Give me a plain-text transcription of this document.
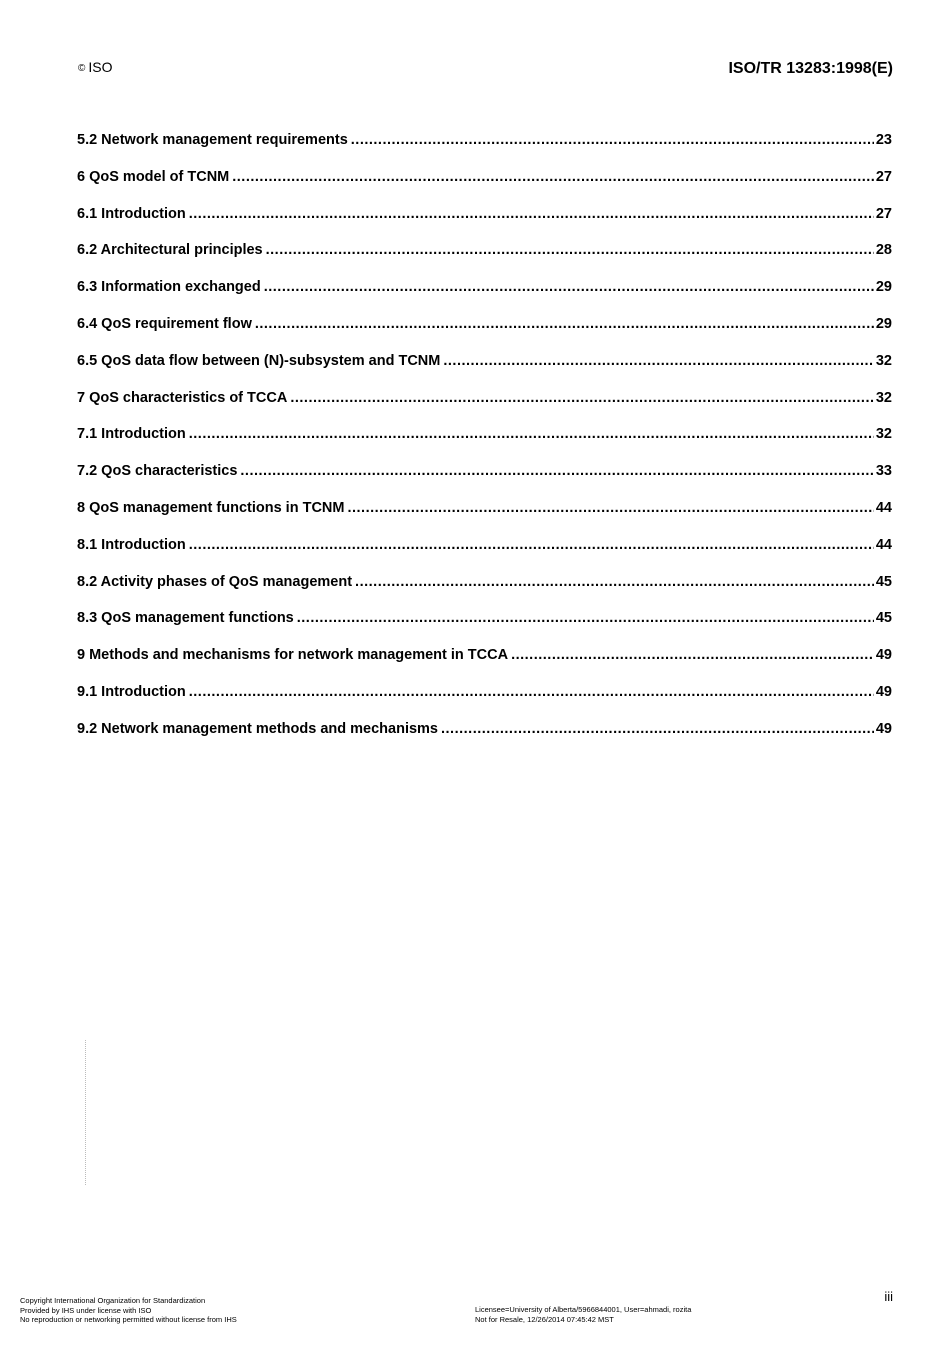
© ISO	ISO/TR 13283:1998(E)
5.2 Network management requirements .....	23
6 QoS model of TCNM .....	27
6.1 Introduction .....	27
6.2 Architectural principles .....	28
6.3 Information exchanged .....	29
6.4 QoS requirement flow .....	29
6.5 QoS data flow between (N)-subsystem and TCNM .....	32
7 QoS characteristics of TCCA .....	32
7.1 Introduction .....	32
7.2 QoS characteristics .....	33
8 QoS management functions in TCNM .....	44
8.1 Introduction .....	44
8.2 Activity phases of QoS management .....	45
8.3 QoS management functions .....	45
9 Methods and mechanisms for network management in TCCA .....	49
9.1 Introduction .....	49
9.2 Network management methods and mechanisms .....	49
iii
Copyright International Organization for Standardization
Provided by IHS under license with ISO
No reproduction or networking permitted without license from IHS
Licensee=University of Alberta/5966844001, User=ahmadi, rozita
Not for Resale, 12/26/2014 07:45:42 MST
